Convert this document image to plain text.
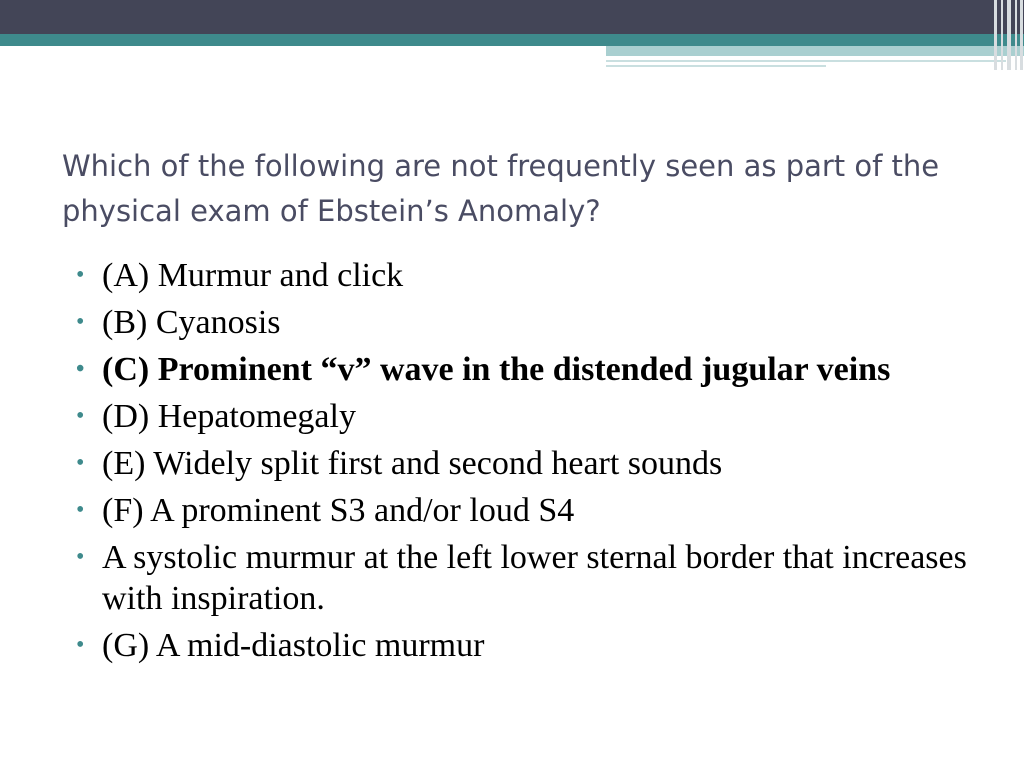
Which of the following are not frequently seen as part of the physical exam of Ebstein’s Anomaly?
• (A) Murmur and click
• (B) Cyanosis
• (C) Prominent “v” wave in the distended jugular veins
• (D) Hepatomegaly
• (E) Widely split first and second heart sounds
• (F) A prominent S3 and/or loud S4
• A systolic murmur at the left lower sternal border that increases with inspiration.
• (G) A mid-diastolic murmur
